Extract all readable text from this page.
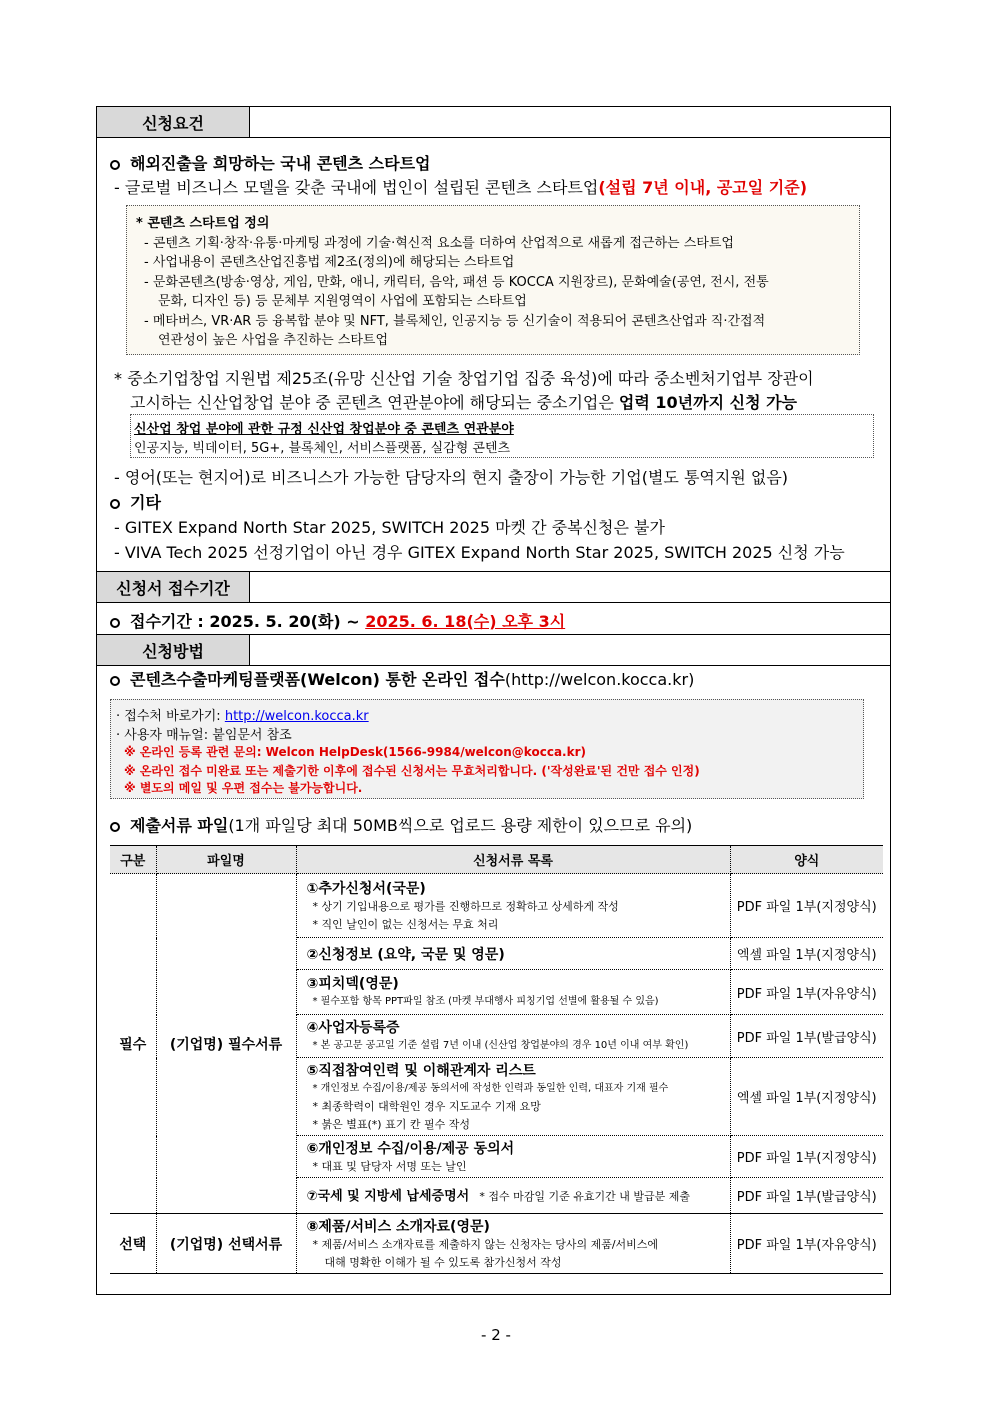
신청요건
해외진출을 희망하는 국내 콘텐츠 스타트업
- 글로벌 비즈니스 모델을 갖춘 국내에 법인이 설립된 콘텐츠 스타트업(설립 7년 이내, 공고일 기준)
* 콘텐츠 스타트업 정의
- 콘텐츠 기획·창작·유통·마케팅 과정에 기술·혁신적 요소를 더하여 산업적으로 새롭게 접근하는 스타트업
- 사업내용이 콘텐츠산업진흥법 제2조(정의)에 해당되는 스타트업
- 문화콘텐츠(방송·영상, 게임, 만화, 애니, 캐릭터, 음악, 패션 등 KOCCA 지원장르), 문화예술(공연, 전시, 전통
문화, 디자인 등) 등 문체부 지원영역이 사업에 포함되는 스타트업
- 메타버스, VR·AR 등 융복합 분야 및 NFT, 블록체인, 인공지능 등 신기술이 적용되어 콘텐츠산업과 직·간접적
연관성이 높은 사업을 추진하는 스타트업
* 중소기업창업 지원법 제25조(유망 신산업 기술 창업기업 집중 육성)에 따라 중소벤처기업부 장관이
고시하는 신산업창업 분야 중 콘텐츠 연관분야에 해당되는 중소기업은 업력 10년까지 신청 가능
신산업 창업 분야에 관한 규정 신산업 창업분야 중 콘텐츠 연관분야
인공지능, 빅데이터, 5G+, 블록체인, 서비스플랫폼, 실감형 콘텐츠
- 영어(또는 현지어)로 비즈니스가 가능한 담당자의 현지 출장이 가능한 기업(별도 통역지원 없음)
기타
- GITEX Expand North Star 2025, SWITCH 2025 마켓 간 중복신청은 불가
- VIVA Tech 2025 선정기업이 아닌 경우 GITEX Expand North Star 2025, SWITCH 2025 신청 가능
신청서 접수기간
접수기간 : 2025. 5. 20(화) ~ 2025. 6. 18(수) 오후 3시
신청방법
콘텐츠수출마케팅플랫폼(Welcon) 통한 온라인 접수(http://welcon.kocca.kr)
· 접수처 바로가기: http://welcon.kocca.kr
· 사용자 매뉴얼: 붙임문서 참조
※ 온라인 등록 관련 문의: Welcon HelpDesk(1566-9984/welcon@kocca.kr)
※ 온라인 접수 미완료 또는 제출기한 이후에 접수된 신청서는 무효처리합니다. ('작성완료'된 건만 접수 인정)
※ 별도의 메일 및 우편 접수는 불가능합니다.
제출서류 파일(1개 파일당 최대 50MB씩으로 업로드 용량 제한이 있으므로 유의)
구분	파일명	신청서류 목록	양식
필수	(기업명) 필수서류	①추가신청서(국문)
* 상기 기입내용으로 평가를 진행하므로 정확하고 상세하게 작성
* 직인 날인이 없는 신청서는 무효 처리	PDF 파일 1부(지정양식)

		②신청정보 (요약, 국문 및 영문)	엑셀 파일 1부(지정양식)

		③피치덱(영문)
* 필수포함 항목 PPT파일 참조 (마켓 부대행사 피칭기업 선별에 활용될 수 있음)	PDF 파일 1부(자유양식)

		④사업자등록증
* 본 공고문 공고일 기준 설립 7년 이내 (신산업 창업분야의 경우 10년 이내 여부 확인)	PDF 파일 1부(발급양식)

		⑤직접참여인력 및 이해관계자 리스트
* 개인정보 수집/이용/제공 동의서에 작성한 인력과 동일한 인력, 대표자 기재 필수
* 최종학력이 대학원인 경우 지도교수 기재 요망
* 붉은 별표(*) 표기 칸 필수 작성	엑셀 파일 1부(지정양식)

		⑥개인정보 수집/이용/제공 동의서
* 대표 및 담당자 서명 또는 날인	PDF 파일 1부(지정양식)
		⑦국세 및 지방세 납세증명서 * 접수 마감일 기준 유효기간 내 발급분 제출	PDF 파일 1부(발급양식)
선택	(기업명) 선택서류	⑧제품/서비스 소개자료(영문)
* 제품/서비스 소개자료를 제출하지 않는 신청자는 당사의 제품/서비스에
대해 명확한 이해가 될 수 있도록 참가신청서 작성	PDF 파일 1부(자유양식)
- 2 -
